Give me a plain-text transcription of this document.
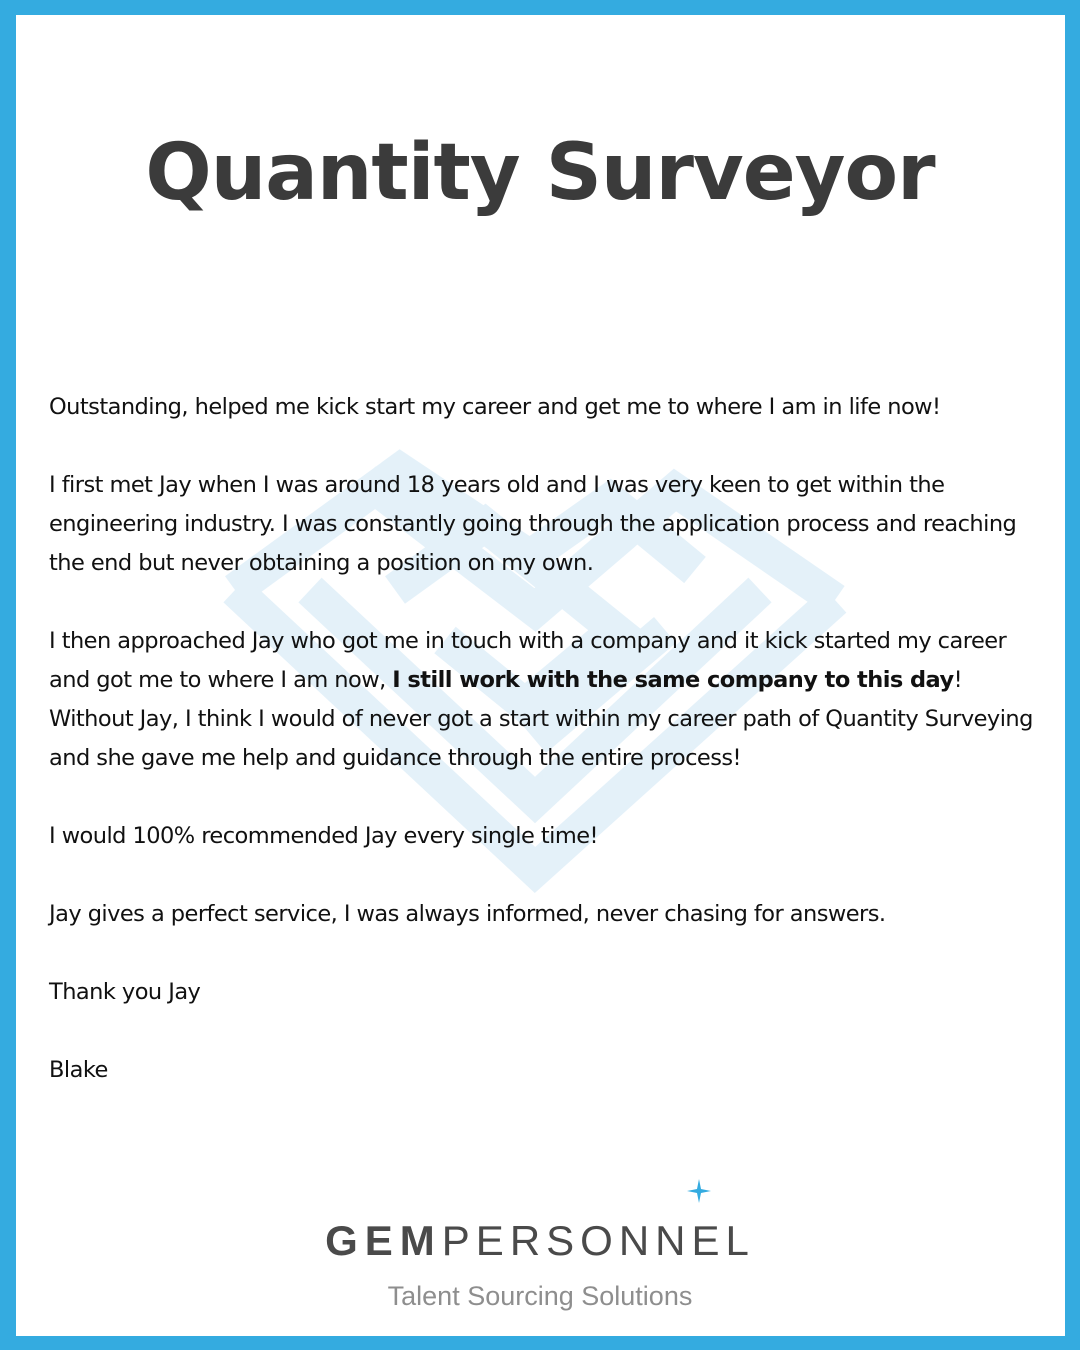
Quantity Surveyor

Outstanding, helped me kick start my career and get me to where I am in life now!

I first met Jay when I was around 18 years old and I was very keen to get within the engineering industry. I was constantly going through the application process and reaching the end but never obtaining a position on my own.

I then approached Jay who got me in touch with a company and it kick started my career and got me to where I am now, I still work with the same company to this day! Without Jay, I think I would of never got a start within my career path of Quantity Surveying and she gave me help and guidance through the entire process!

I would 100% recommended Jay every single time!

Jay gives a perfect service, I was always informed, never chasing for answers.

Thank you Jay

Blake

GEMPERSONNEL
Talent Sourcing Solutions
